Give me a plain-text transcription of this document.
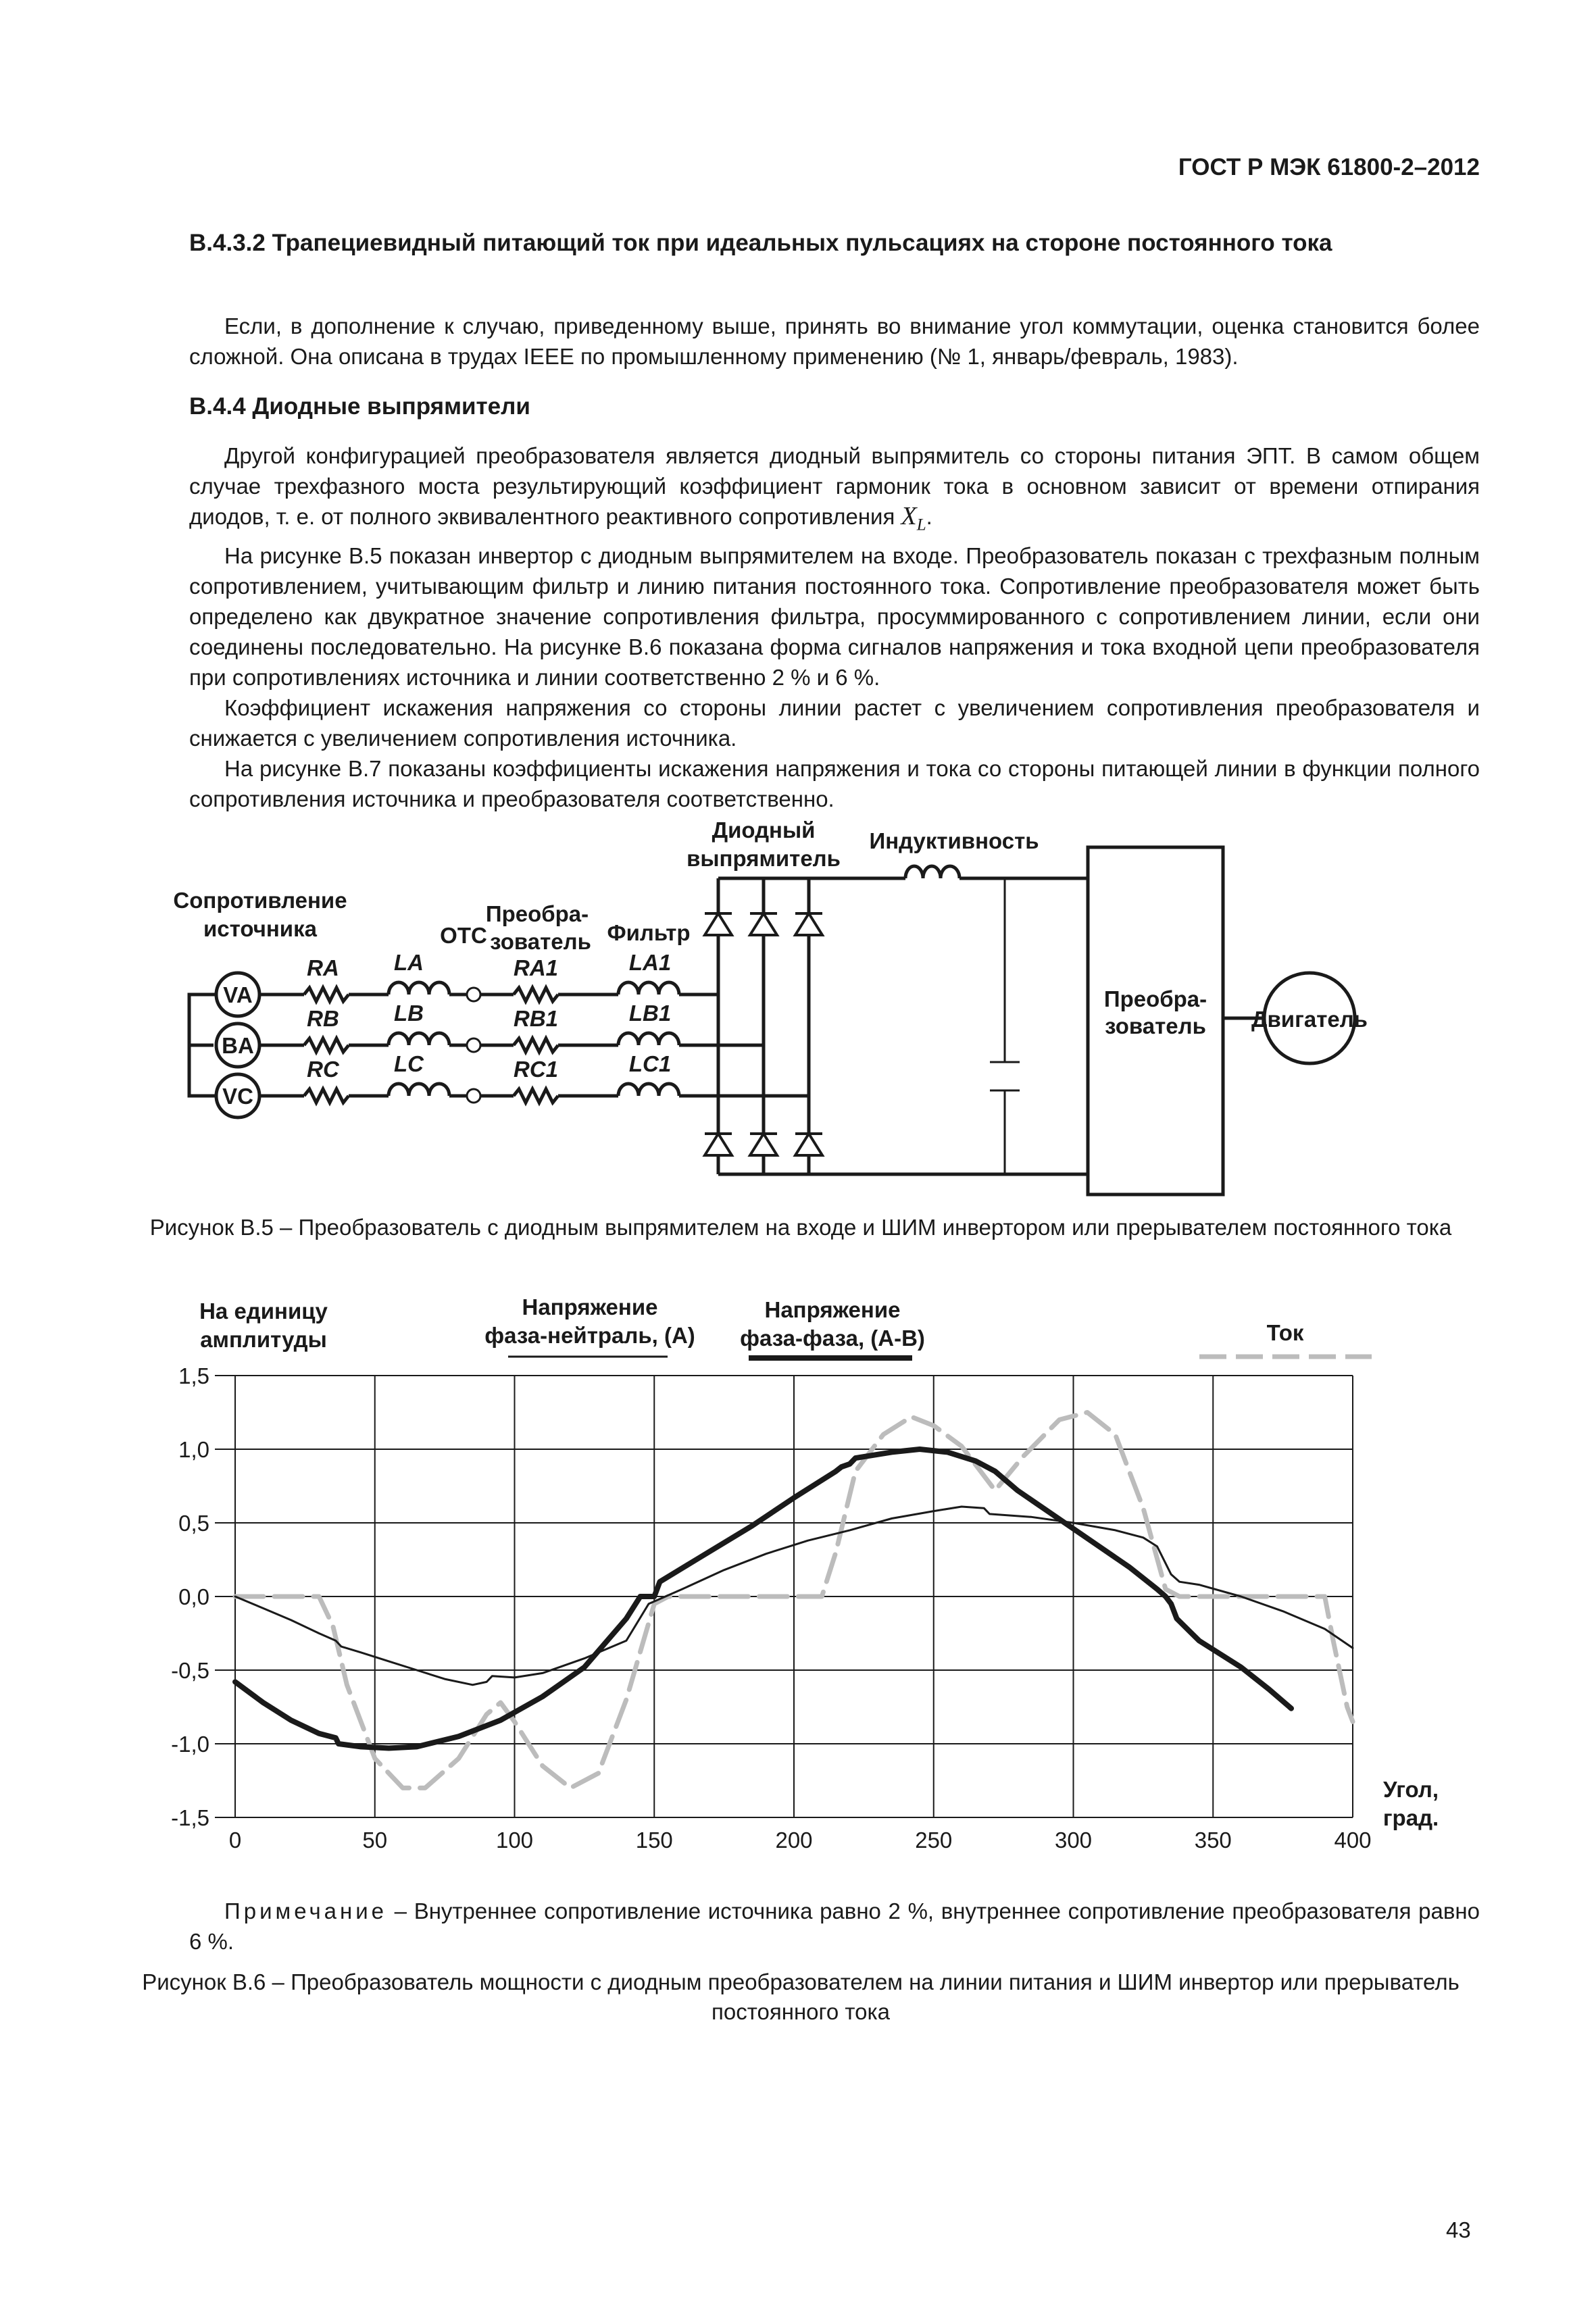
ГОСТ Р МЭК 61800-2–2012
B.4.3.2 Трапециевидный питающий ток при идеальных пульсациях на стороне постоянного тока

Если, в дополнение к случаю, приведенному выше, принять во внимание угол коммутации, оценка становится более сложной. Она описана в трудах IEEE по промышленному применению (№ 1, январь/февраль, 1983).

B.4.4 Диодные выпрямители

Другой конфигурацией преобразователя является диодный выпрямитель со стороны питания ЭПТ. В самом общем случае трехфазного моста результирующий коэффициент гармоник тока в основном зависит от времени отпирания диодов, т. е. от полного эквивалентного реактивного сопротивления $X_L$.

На рисунке В.5 показан инвертор с диодным выпрямителем на входе. Преобразователь показан с трехфазным полным сопротивлением, учитывающим фильтр и линию питания постоянного тока. Сопротивление преобразователя может быть определено как двукратное значение сопротивления фильтра, просуммированного с сопротивлением линии, если они соединены последовательно. На рисунке В.6 показана форма сигналов напряжения и тока входной цепи преобразователя при сопротивлениях источника и линии соответственно 2 % и 6 %.

Коэффициент искажения напряжения со стороны линии растет с увеличением сопротивления преобразователя и снижается с увеличением сопротивления источника.

На рисунке В.7 показаны коэффициенты искажения напряжения и тока со стороны питающей линии в функции полного сопротивления источника и преобразователя соответственно.

Сопротивление
источника	ОТС
Преобра-
зователь Фильтр
Диодный
выпрямитель
Индуктивность
Преобра-
зователь Двигатель
VA
BA
VC
RA
RB
RC
LA
LB
LC
RA1
RB1
RC1
LA1
LB1
LC1
Рисунок В.5 – Преобразователь с диодным выпрямителем на входе и ШИМ инвертором или прерывателем постоянного тока
На единицу
амплитуды
Напряжение
фаза-нейтраль, (A)
Напряжение
фаза-фаза, (A-B)	Ток
Угол,
град.
0	50	100	150	200	250	300	350	400
1,5
1,0
0,5
0,0
-0,5
-1,0
-1,5
Примечание – Внутреннее сопротивление источника равно 2 %, внутреннее сопротивление преобразователя равно 6 %.
Рисунок В.6 – Преобразователь мощности с диодным преобразователем на линии питания и ШИМ инвертор или прерыватель постоянного тока
43
